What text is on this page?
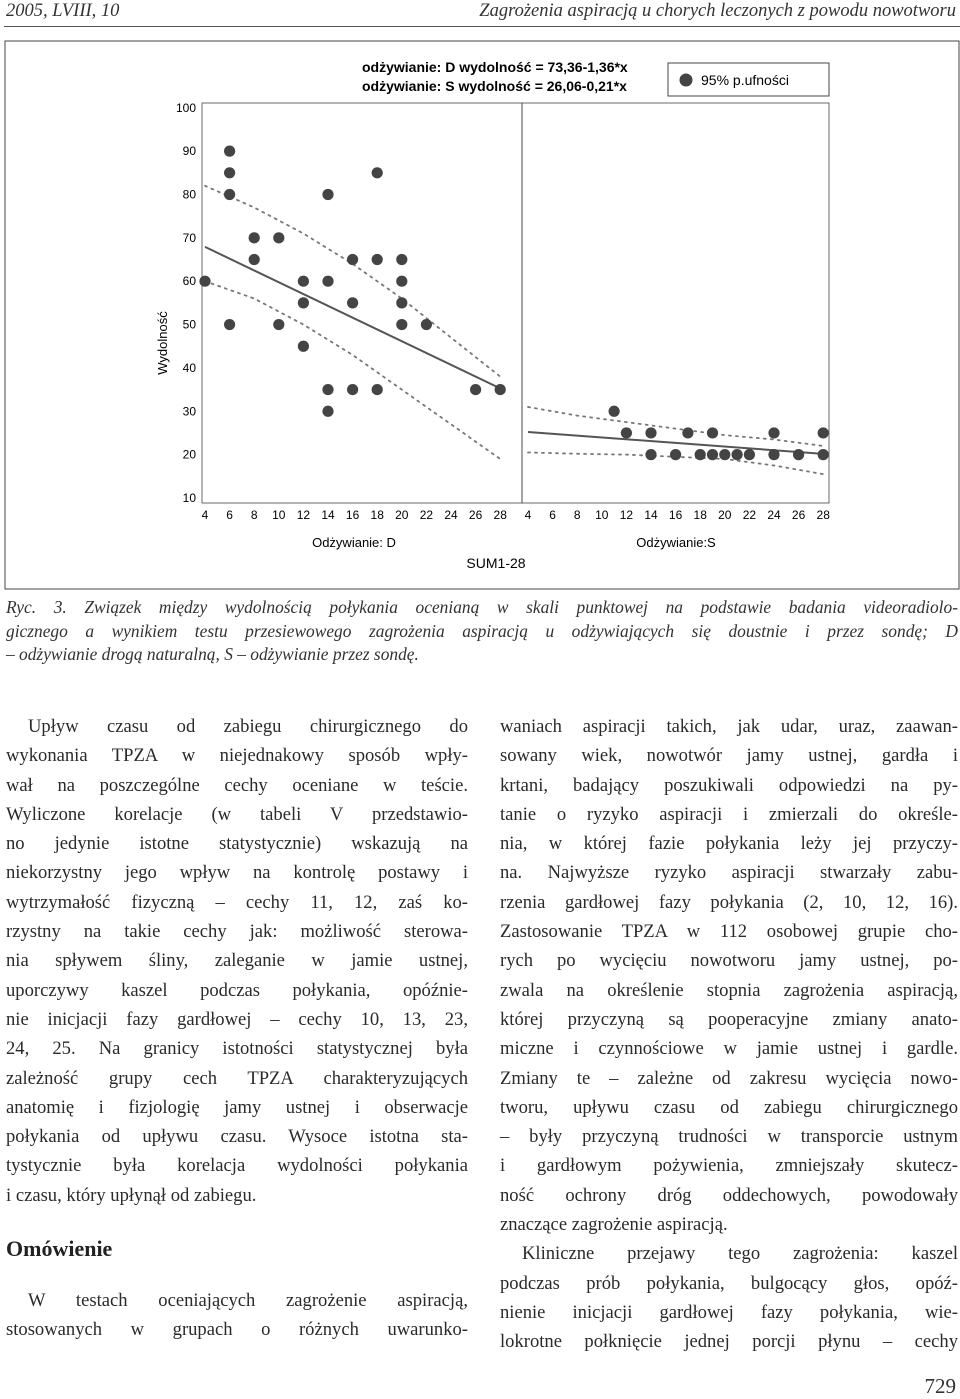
2005, LVIII, 10	Zagrożenia aspiracją u chorych leczonych z powodu nowotworu
95% p.ufności
odżywianie: D wydolność = 73,36-1,36*x
odżywianie: S wydolność = 26,06-0,21*x
Wydolność
Odżywianie: D	Odżywianie:S
SUM1-28
10
20
30
40
50
60
70
80
90
100
4 6 8 10 12 14 16 18 20 22 24 26 28 4 6 8 10 12 14 16 18 20 22 24 26 28
Ryc. 3. Związek między wydolnością połykania ocenianą w skali punktowej na podstawie badania videoradiolo-
gicznego a wynikiem testu przesiewowego zagrożenia aspiracją u odżywiających się doustnie i przez sondę; D
– odżywianie drogą naturalną, S – odżywianie przez sondę.
Upływ czasu od zabiegu chirurgicznego do
wykonania TPZA w niejednakowy sposób wpły-
wał na poszczególne cechy oceniane w teście.
Wyliczone korelacje (w tabeli V przedstawio-
no jedynie istotne statystycznie) wskazują na
niekorzystny jego wpływ na kontrolę postawy i
wytrzymałość fizyczną – cechy 11, 12, zaś ko-
rzystny na takie cechy jak: możliwość sterowa-
nia spływem śliny, zaleganie w jamie ustnej,
uporczywy kaszel podczas połykania, opóźnie-
nie inicjacji fazy gardłowej – cechy 10, 13, 23,
24, 25. Na granicy istotności statystycznej była
zależność grupy cech TPZA charakteryzujących
anatomię i fizjologię jamy ustnej i obserwacje
połykania od upływu czasu. Wysoce istotna sta-
tystycznie była korelacja wydolności połykania
i czasu, który upłynął od zabiegu.
Omówienie
W testach oceniających zagrożenie aspiracją,
stosowanych w grupach o różnych uwarunko-
waniach aspiracji takich, jak udar, uraz, zaawan-
sowany wiek, nowotwór jamy ustnej, gardła i
krtani, badający poszukiwali odpowiedzi na py-
tanie o ryzyko aspiracji i zmierzali do określe-
nia, w której fazie połykania leży jej przyczy-
na. Najwyższe ryzyko aspiracji stwarzały zabu-
rzenia gardłowej fazy połykania (2, 10, 12, 16).
Zastosowanie TPZA w 112 osobowej grupie cho-
rych po wycięciu nowotworu jamy ustnej, po-
zwala na określenie stopnia zagrożenia aspiracją,
której przyczyną są pooperacyjne zmiany anato-
miczne i czynnościowe w jamie ustnej i gardle.
Zmiany te – zależne od zakresu wycięcia nowo-
tworu, upływu czasu od zabiegu chirurgicznego
– były przyczyną trudności w transporcie ustnym
i gardłowym pożywienia, zmniejszały skutecz-
ność ochrony dróg oddechowych, powodowały
znaczące zagrożenie aspiracją.
Kliniczne przejawy tego zagrożenia: kaszel
podczas prób połykania, bulgocący głos, opóź-
nienie inicjacji gardłowej fazy połykania, wie-
lokrotne połknięcie jednej porcji płynu – cechy
729
